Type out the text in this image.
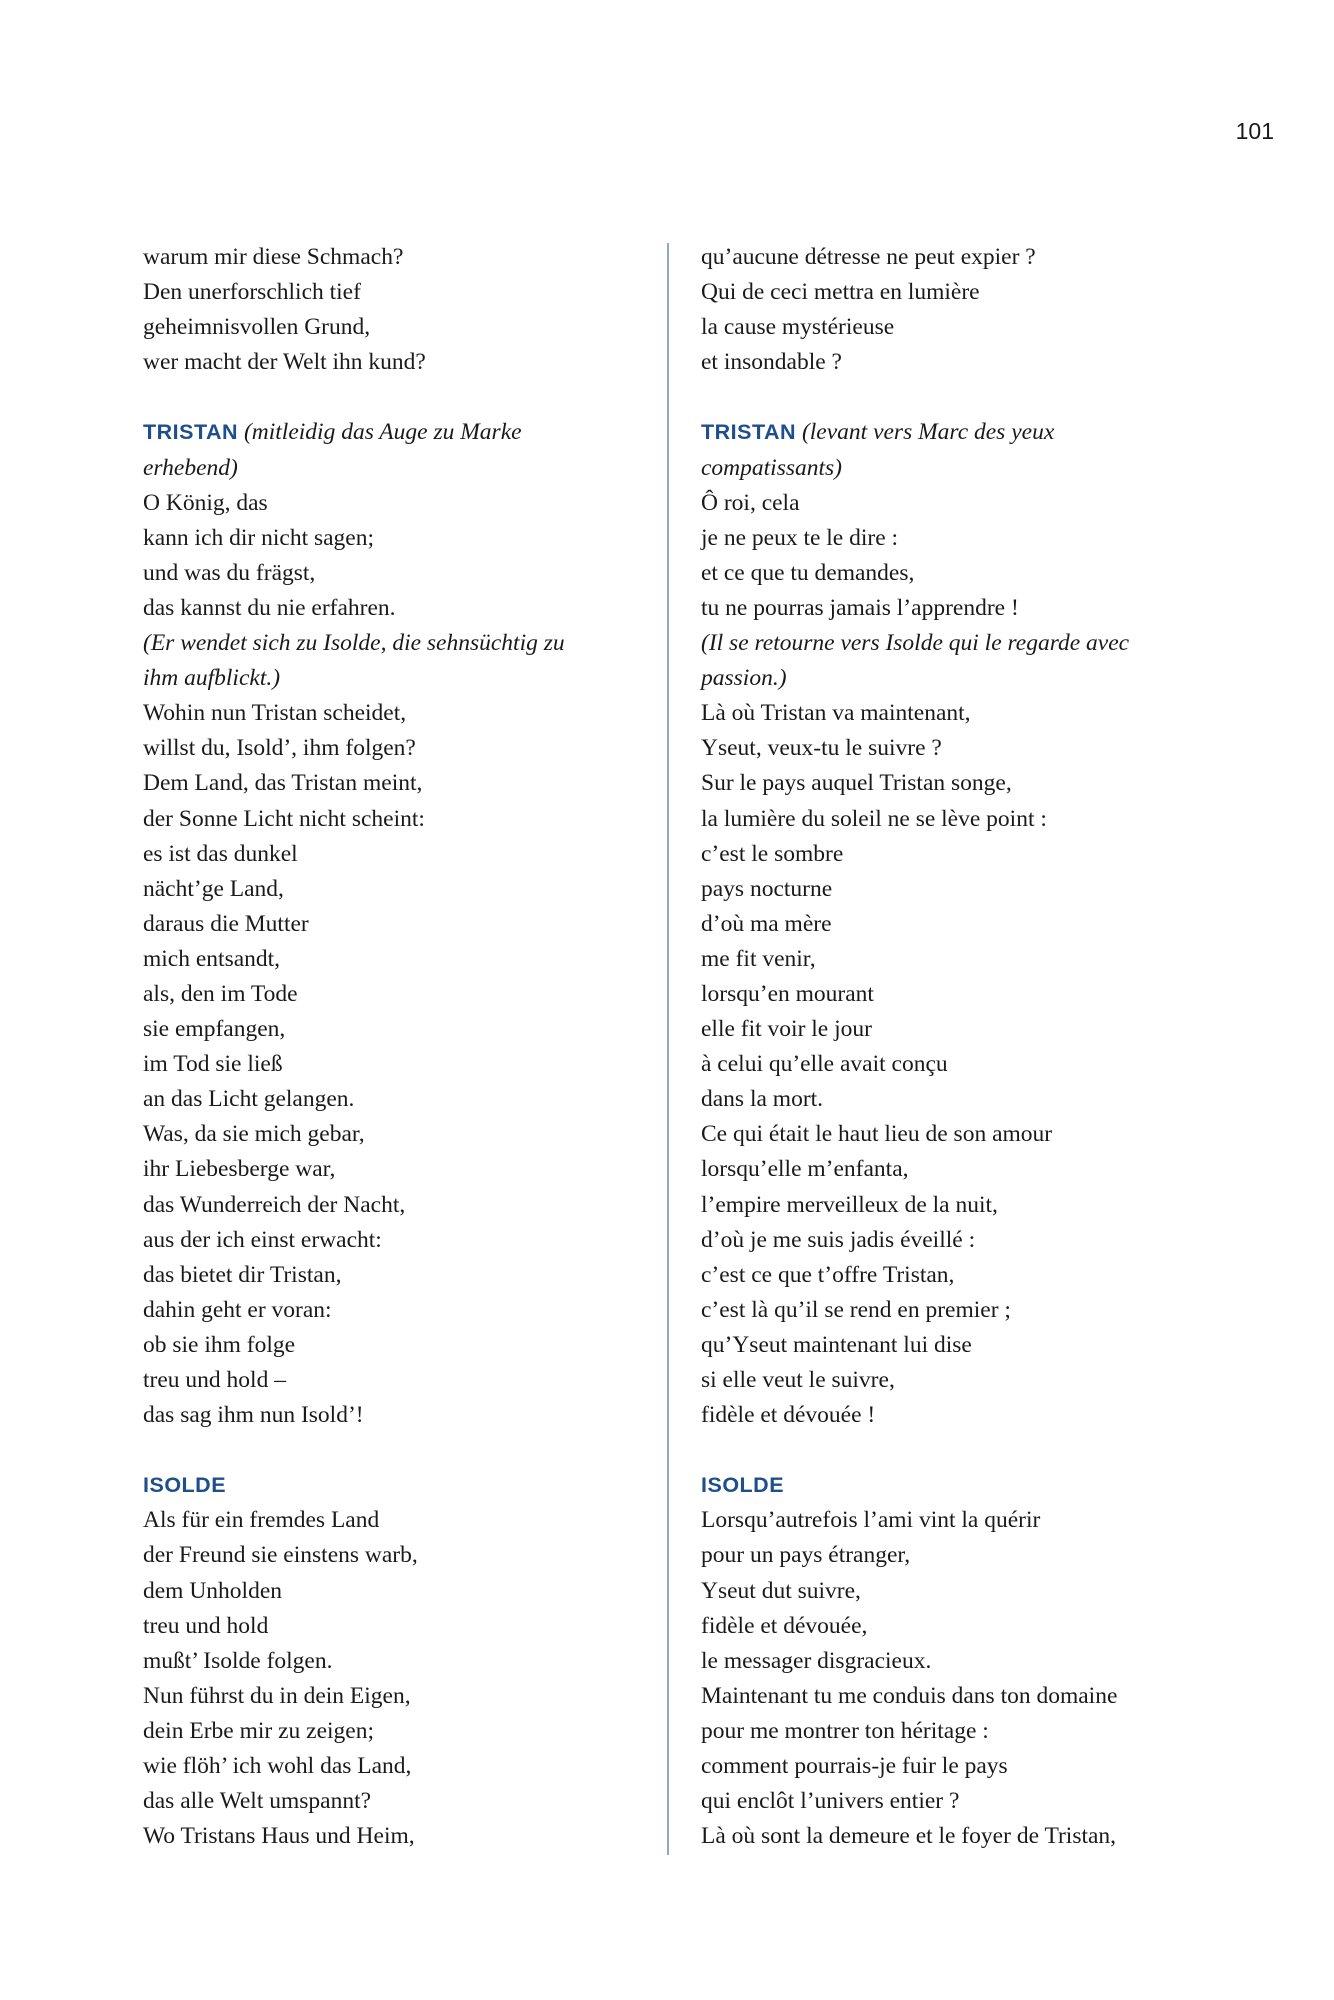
101
warum mir diese Schmach?
Den unerforschlich tief
geheimnisvollen Grund,
wer macht der Welt ihn kund?
TRISTAN (mitleidig das Auge zu Marke
erhebend)
O König, das
kann ich dir nicht sagen;
und was du frägst,
das kannst du nie erfahren.
(Er wendet sich zu Isolde, die sehnsüchtig zu
ihm aufblickt.)
Wohin nun Tristan scheidet,
willst du, Isold’, ihm folgen?
Dem Land, das Tristan meint,
der Sonne Licht nicht scheint:
es ist das dunkel
nächt’ge Land,
daraus die Mutter
mich entsandt,
als, den im Tode
sie empfangen,
im Tod sie ließ
an das Licht gelangen.
Was, da sie mich gebar,
ihr Liebesberge war,
das Wunderreich der Nacht,
aus der ich einst erwacht:
das bietet dir Tristan,
dahin geht er voran:
ob sie ihm folge
treu und hold –
das sag ihm nun Isold’!
ISOLDE
Als für ein fremdes Land
der Freund sie einstens warb,
dem Unholden
treu und hold
mußt’ Isolde folgen.
Nun führst du in dein Eigen,
dein Erbe mir zu zeigen;
wie flöh’ ich wohl das Land,
das alle Welt umspannt?
Wo Tristans Haus und Heim,
qu’aucune détresse ne peut expier ?
Qui de ceci mettra en lumière
la cause mystérieuse
et insondable ?
TRISTAN (levant vers Marc des yeux
compatissants)
Ô roi, cela
je ne peux te le dire :
et ce que tu demandes,
tu ne pourras jamais l’apprendre !
(Il se retourne vers Isolde qui le regarde avec
passion.)
Là où Tristan va maintenant,
Yseut, veux-tu le suivre ?
Sur le pays auquel Tristan songe,
la lumière du soleil ne se lève point :
c’est le sombre
pays nocturne
d’où ma mère
me fit venir,
lorsqu’en mourant
elle fit voir le jour
à celui qu’elle avait conçu
dans la mort.
Ce qui était le haut lieu de son amour
lorsqu’elle m’enfanta,
l’empire merveilleux de la nuit,
d’où je me suis jadis éveillé :
c’est ce que t’offre Tristan,
c’est là qu’il se rend en premier ;
qu’Yseut maintenant lui dise
si elle veut le suivre,
fidèle et dévouée !
ISOLDE
Lorsqu’autrefois l’ami vint la quérir
pour un pays étranger,
Yseut dut suivre,
fidèle et dévouée,
le messager disgracieux.
Maintenant tu me conduis dans ton domaine
pour me montrer ton héritage :
comment pourrais-je fuir le pays
qui enclôt l’univers entier ?
Là où sont la demeure et le foyer de Tristan,
